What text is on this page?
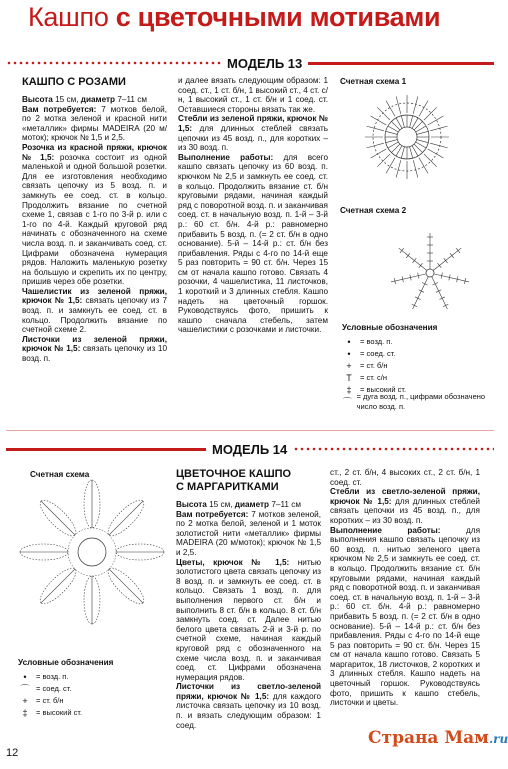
Кашпо с цветочными мотивами
МОДЕЛЬ 13
КАШПО С РОЗАМИ

Высота 15 см, диаметр 7–11 см

Вам потребуется: 7 мотков белой, по 2 мотка зеленой и красной нити «металлик» фирмы MADEIRA (20 м/моток); крючок № 1,5 и 2,5.

Розочка из красной пряжи, крючок № 1,5: розочка состоит из одной маленькой и одной большой розетки. Для ее изготовления необходимо связать цепочку из 5 возд. п. и замкнуть ее соед. ст. в кольцо. Продолжить вязание по счетной схеме 1, связав с 1-го по 3-й р. или с 1-го по 4-й. Каждый круговой ряд начинать с обозначенного на схеме числа возд. п. и заканчивать соед. ст. Цифрами обозначена нумерация рядов. Наложить маленькую розетку на большую и скрепить их по центру, пришив через обе розетки.

Чашелистик из зеленой пряжи, крючок № 1,5: связать цепочку из 7 возд. п. и замкнуть ее соед. ст. в кольцо. Продолжить вязание по счетной схеме 2.

Листочки из зеленой пряжи, крючок № 1,5: связать цепочку из 10 возд. п.

и далее вязать следующим образом: 1 соед. ст., 1 ст. б/н, 1 высокий ст., 4 ст. с/н, 1 высокий ст., 1 ст. б/н и 1 соед. ст. Оставшиеся стороны вязать так же.

Стебли из зеленой пряжи, крючок № 1,5: для длинных стеблей связать цепочки из 45 возд. п., для коротких – из 30 возд. п.

Выполнение работы: для всего кашпо связать цепочку из 60 возд. п. крючком № 2,5 и замкнуть ее соед. ст. в кольцо. Продолжить вязание ст. б/н круговыми рядами, начиная каждый ряд с поворотной возд. п. и заканчивая соед. ст. в начальную возд. п. 1-й – 3-й р.: 60 ст. б/н. 4-й р.: равномерно прибавить 5 возд. п. (= 2 ст. б/н в одно основание). 5-й – 14-й р.: ст. б/н без прибавления. Ряды с 4-го по 14-й еще 5 раз повторить = 90 ст. б/н. Через 15 см от начала кашпо готово. Связать 4 розочки, 4 чашелистика, 11 листочков, 1 короткий и 3 длинных стебля. Кашпо надеть на цветочный горшок. Руководствуясь фото, пришить к кашпо сначала стебель, затем чашелистики с розочками и листочки.

Счетная схема 1
Счетная схема 2
Условные обозначения
•	= возд. п.
•	= соед. ст.
+	= ст. б/н
T	= ст. с/н
‡	= высокий ст.
⌒
= дуга возд. п., цифрами обозначено число возд. п.
МОДЕЛЬ 14
Счетная схема
Условные обозначения
•	= возд. п.
⌒ = соед. ст.
+	= ст. б/н
‡	= высокий ст.
ЦВЕТОЧНОЕ КАШПО
С МАРГАРИТКАМИ

Высота 15 см, диаметр 7–11 см

Вам потребуется: 7 мотков зеленой, по 2 мотка белой, зеленой и 1 моток золотистой нити «металлик» фирмы MADEIRA (20 м/моток); крючок № 1,5 и 2,5.

Цветы, крючок № 1,5: нитью золотистого цвета связать цепочку из 8 возд. п. и замкнуть ее соед. ст. в кольцо. Связать 1 возд. п. для выполнения первого ст. б/н и выполнить 8 ст. б/н в кольцо. 8 ст. б/н замкнуть соед. ст. Далее нитью белого цвета связать 2-й и 3-й р. по счетной схеме, начиная каждый круговой ряд с обозначенного на схеме числа возд. п. и заканчивая соед. ст. Цифрами обозначена нумерация рядов.

Листочки из светло-зеленой пряжи, крючок № 1,5: для каждого листочка связать цепочку из 10 возд. п. и вязать следующим образом: 1 соед.

ст., 2 ст. б/н, 4 высоких ст., 2 ст. б/н, 1 соед. ст.

Стебли из светло-зеленой пряжи, крючок № 1,5: для длинных стеблей связать цепочки из 45 возд. п., для коротких – из 30 возд. п.

Выполнение работы: для выполнения кашпо связать цепочку из 60 возд. п. нитью зеленого цвета крючком № 2,5 и замкнуть ее соед. ст. в кольцо. Продолжить вязание ст. б/н круговыми рядами, начиная каждый ряд с поворотной возд. п. и заканчивая соед. ст. в начальную возд. п. 1-й – 3-й р.: 60 ст. б/н. 4-й р.: равномерно прибавить 5 возд. п. (= 2 ст. б/н в одно основание). 5-й – 14-й р.: ст. б/н без прибавления. Ряды с 4-го по 14-й еще 5 раз повторить = 90 ст. б/н. Через 15 см от начала кашпо готово. Связать 5 маргариток, 18 листочков, 2 коротких и 3 длинных стебля. Кашпо надеть на цветочный горшок. Руководствуясь фото, пришить к кашпо стебель, листочки и цветы.

12
Страна Мам.ru
